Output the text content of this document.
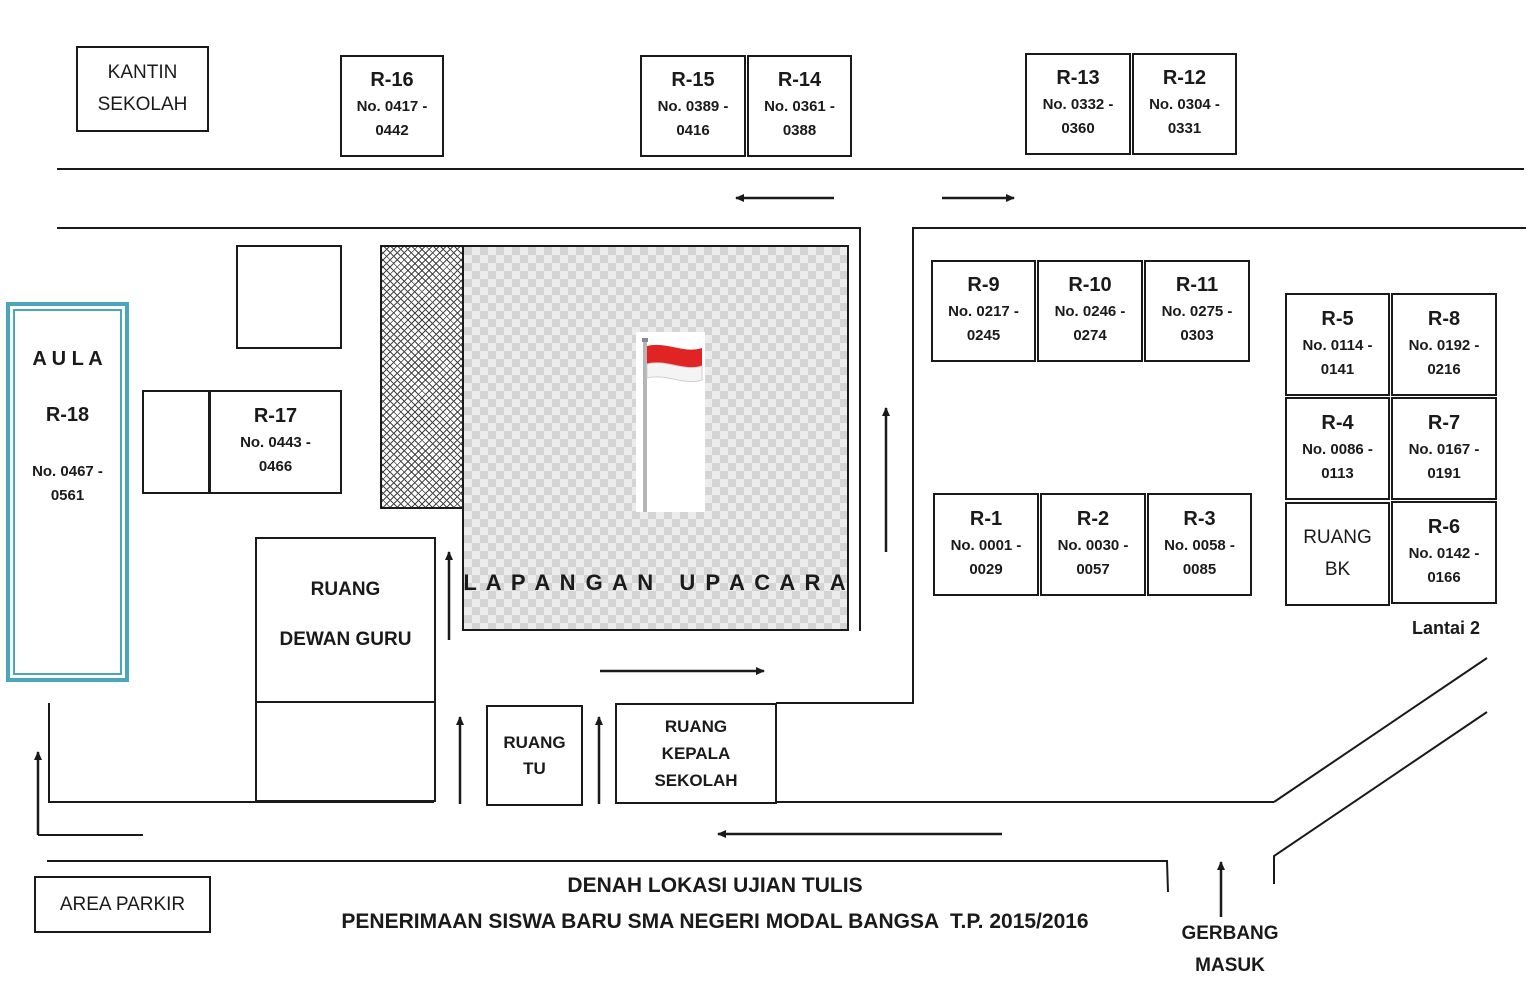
KANTIN
SEKOLAH
R-16
No. 0417 -
0442
R-15
No. 0389 -
0416
R-14
No. 0361 -
0388
R-13
No. 0332 -
0360
R-12
No. 0304 -
0331
R-9
No. 0217 -
0245
R-10
No. 0246 -
0274
R-11
No. 0275 -
0303
R-1
No. 0001 -
0029
R-2
No. 0030 -
0057
R-3
No. 0058 -
0085
R-5
No. 0114 -
0141
R-8
No. 0192 -
0216
R-4
No. 0086 -
0113
R-7
No. 0167 -
0191
RUANG
BK
R-6
No. 0142 -
0166
Lantai 2
L A P A N G A N   U P A C A R A
R-17
No. 0443 -
0466
A U L A
R-18
No. 0467 -
0561
RUANG
DEWAN GURU
RUANG
TU
RUANG
KEPALA
SEKOLAH
AREA PARKIR
DENAH LOKASI UJIAN TULIS
PENERIMAAN SISWA BARU SMA NEGERI MODAL BANGSA  T.P. 2015/2016
GERBANG
MASUK
